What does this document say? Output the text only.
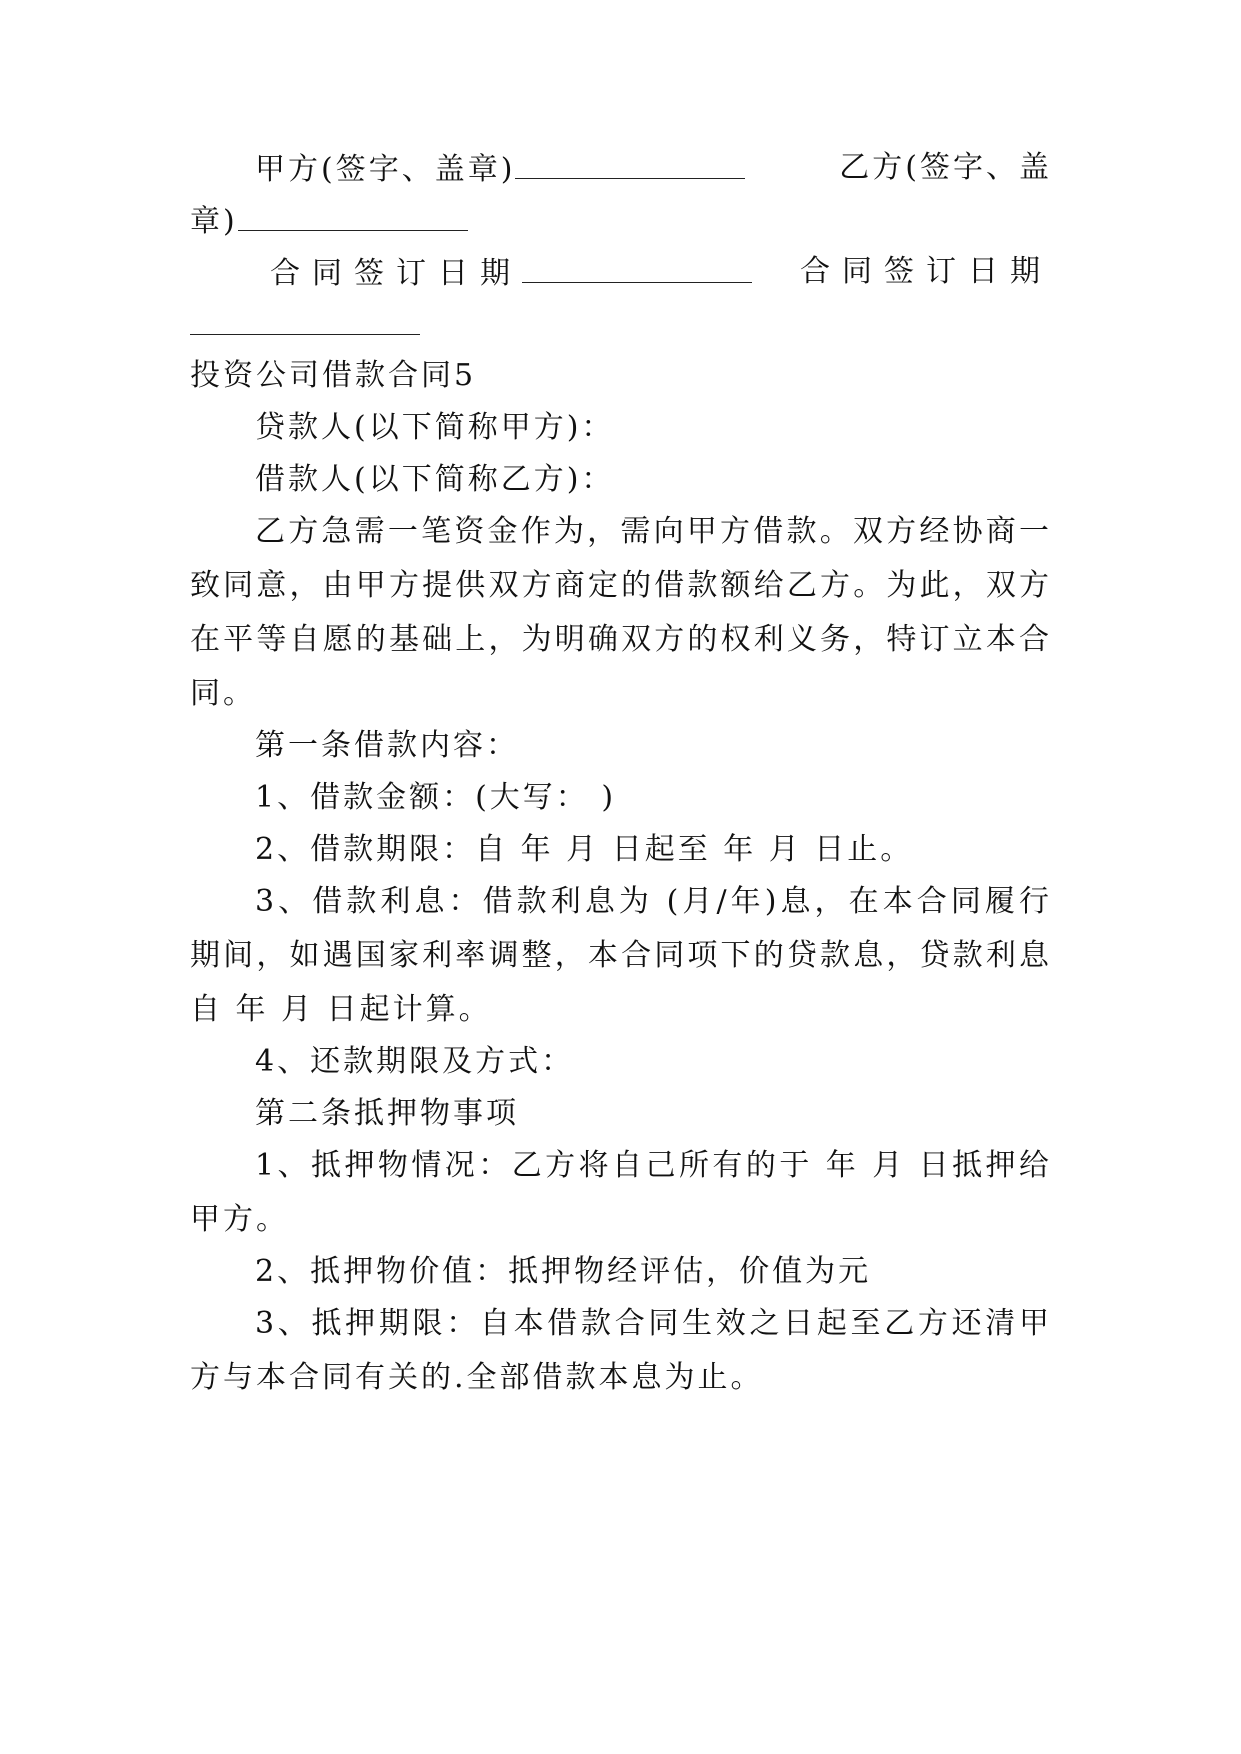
甲方(签字、盖章)	乙方(签字、盖
章)
合同签订日期	合同签订日期
投资公司借款合同5
贷款人(以下简称甲方)：
借款人(以下简称乙方)：
乙方急需一笔资金作为，需向甲方借款。双方经协商一
致同意，由甲方提供双方商定的借款额给乙方。为此，双方
在平等自愿的基础上，为明确双方的权利义务，特订立本合
同。
第一条借款内容：
1、借款金额：(大写： )
2、借款期限：自 年 月 日起至 年 月 日止。
3、借款利息：借款利息为 (月/年)息，在本合同履行
期间，如遇国家利率调整，本合同项下的贷款息，贷款利息
自 年 月 日起计算。
4、还款期限及方式：
第二条抵押物事项
1、抵押物情况：乙方将自己所有的于 年 月 日抵押给
甲方。
2、抵押物价值：抵押物经评估，价值为元
3、抵押期限：自本借款合同生效之日起至乙方还清甲
方与本合同有关的.全部借款本息为止。
